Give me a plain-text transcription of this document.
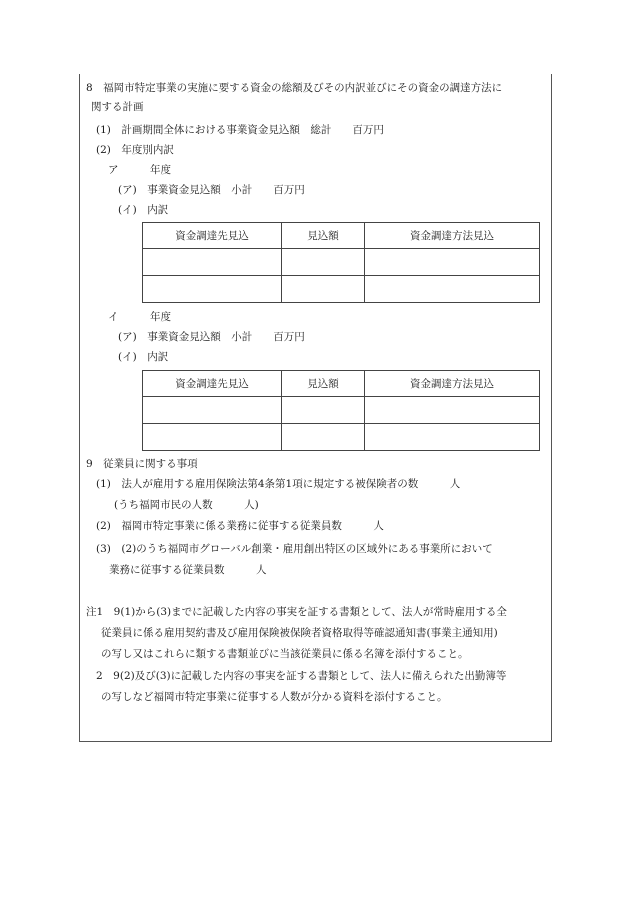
8　福岡市特定事業の実施に要する資金の総額及びその内訳並びにその資金の調達方法に
関する計画
(1)　計画期間全体における事業資金見込額　総計　　百万円
(2)　年度別内訳
ア　　　年度
(ア)　事業資金見込額　小計　　百万円
(イ)　内訳
資金調達先見込	見込額	資金調達方法見込

イ　　　年度
(ア)　事業資金見込額　小計　　百万円
(イ)　内訳
資金調達先見込	見込額	資金調達方法見込

9　従業員に関する事項
(1)　法人が雇用する雇用保険法第4条第1項に規定する被保険者の数　　　人
(うち福岡市民の人数　　　人)
(2)　福岡市特定事業に係る業務に従事する従業員数　　　人
(3)　(2)のうち福岡市グローバル創業・雇用創出特区の区域外にある事業所において
業務に従事する従業員数　　　人
注1　9(1)から(3)までに記載した内容の事実を証する書類として、法人が常時雇用する全
従業員に係る雇用契約書及び雇用保険被保険者資格取得等確認通知書(事業主通知用)
の写し又はこれらに類する書類並びに当該従業員に係る名簿を添付すること。
2　9(2)及び(3)に記載した内容の事実を証する書類として、法人に備えられた出勤簿等
の写しなど福岡市特定事業に従事する人数が分かる資料を添付すること。
